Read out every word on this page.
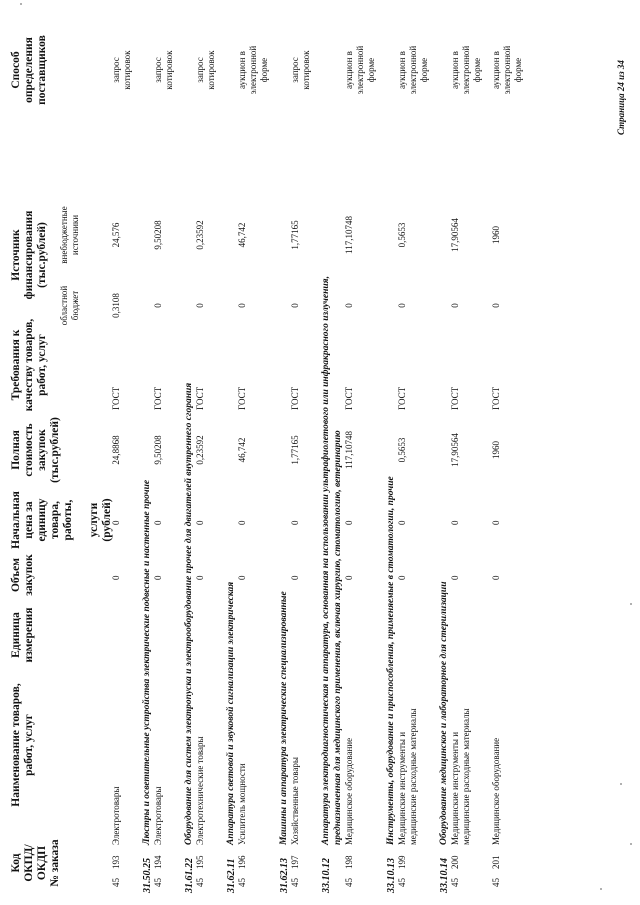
Страница 24 из 34
Код ОКПД/ ОКДП № заказа
Наименование товаров, работ, услуг
Единица измерения
Объем закупок
Начальная цена за единицу товара, работы, услуги (рублей)
Полная стоимость закупок (тыс.рублей)
Требования к качеству товаров, работ, услуг
Источник финансирования (тыс.рублей)
областной бюджет
внебюджетные источники
Способ определения поставщиков
45
193
Электротовары
0
0
24,8868
ГОСТ
0,3108
24,576
запрос котировок
31.50.25
Люстры и осветительные устройства электрические подвесные и настенные прочие
45
194
Электротовары
0
0
9,50208
ГОСТ
0
9,50208
запрос котировок
31.61.22
Оборудование для систем электропуска и электрооборудование прочее для двигателей внутреннего сгорания
45
195
Электротехнические товары
0
0
0,23592
ГОСТ
0
0,23592
запрос котировок
31.62.11
Аппаратура световой и звуковой сигнализации электрическая
45
196
Усилитель мощности
0
0
46,742
ГОСТ
0
46,742
аукцион в электронной форме
31.62.13
Машины и аппаратура электрические специализированные
45
197
Хозяйственные товары
0
0
1,77165
ГОСТ
0
1,77165
запрос котировок
33.10.12
Аппаратура электродиагностическая и аппаратура, основанная на использовании ультрафиолетового или инфракрасного излучения, предназначенная для медицинского применения, включая хирургию, стоматологию, ветеринарию
45
198
Медицинское оборудование
0
0
117,10748
ГОСТ
0
117,10748
аукцион в электронной форме
33.10.13
Инструменты, оборудование и приспособления, применяемые в стоматологии, прочие
45
199
Медицинские инструменты и медицинские расходные материалы
0
0
0,5653
ГОСТ
0
0,5653
аукцион в электронной форме
33.10.14
Оборудование медицинское и лабораторное для стерилизации
45
200
Медицинские инструменты и медицинские расходные материалы
0
0
17,90564
ГОСТ
0
17,90564
аукцион в электронной форме
45
201
Медицинское оборудование
0
0
1960
ГОСТ
0
1960
аукцион в электронной форме
